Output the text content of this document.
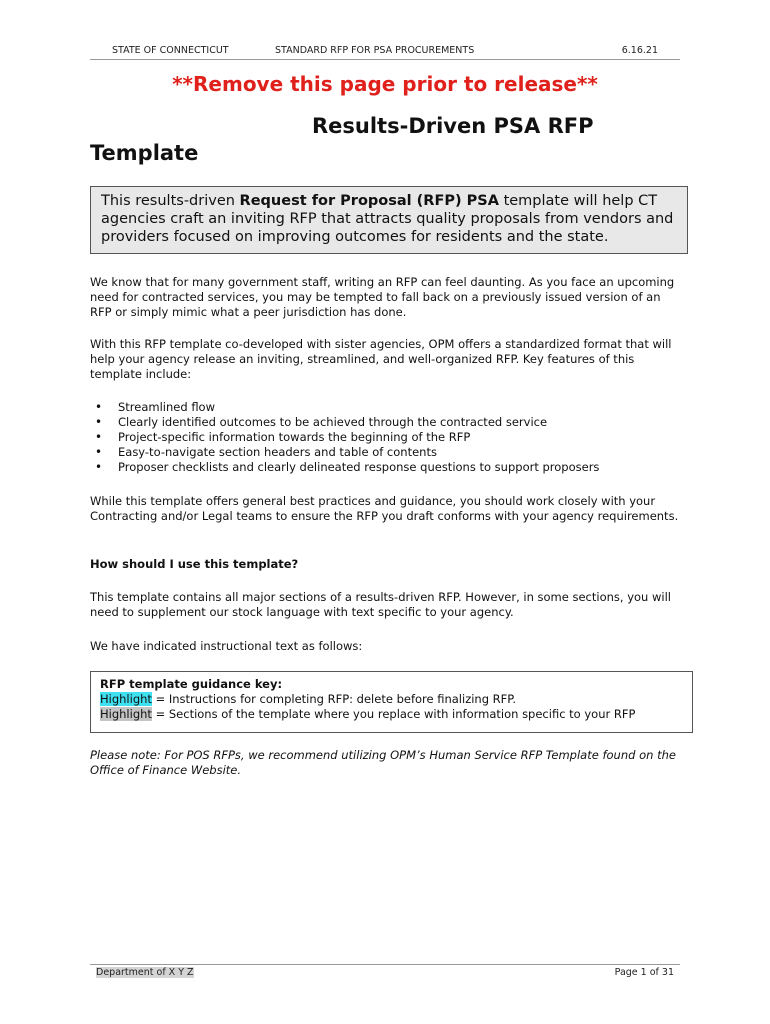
STATE OF CONNECTICUT	STANDARD RFP FOR PSA PROCUREMENTS	6.16.21
**Remove this page prior to release**
Results-Driven PSA RFP
Template
This results-driven Request for Proposal (RFP) PSA template will help CT agencies craft an inviting RFP that attracts quality proposals from vendors and providers focused on improving outcomes for residents and the state.
We know that for many government staff, writing an RFP can feel daunting. As you face an upcoming need for contracted services, you may be tempted to fall back on a previously issued version of an RFP or simply mimic what a peer jurisdiction has done.
With this RFP template co-developed with sister agencies, OPM offers a standardized format that will help your agency release an inviting, streamlined, and well-organized RFP. Key features of this template include:
• Streamlined flow
• Clearly identified outcomes to be achieved through the contracted service
• Project-specific information towards the beginning of the RFP
• Easy-to-navigate section headers and table of contents
• Proposer checklists and clearly delineated response questions to support proposers
While this template offers general best practices and guidance, you should work closely with your Contracting and/or Legal teams to ensure the RFP you draft conforms with your agency requirements.
How should I use this template?
This template contains all major sections of a results-driven RFP. However, in some sections, you will need to supplement our stock language with text specific to your agency.
We have indicated instructional text as follows:
RFP template guidance key:
Highlight = Instructions for completing RFP: delete before finalizing RFP.
Highlight = Sections of the template where you replace with information specific to your RFP
Please note: For POS RFPs, we recommend utilizing OPM’s Human Service RFP Template found on the Office of Finance Website.
Department of X Y Z	Page 1 of 31
